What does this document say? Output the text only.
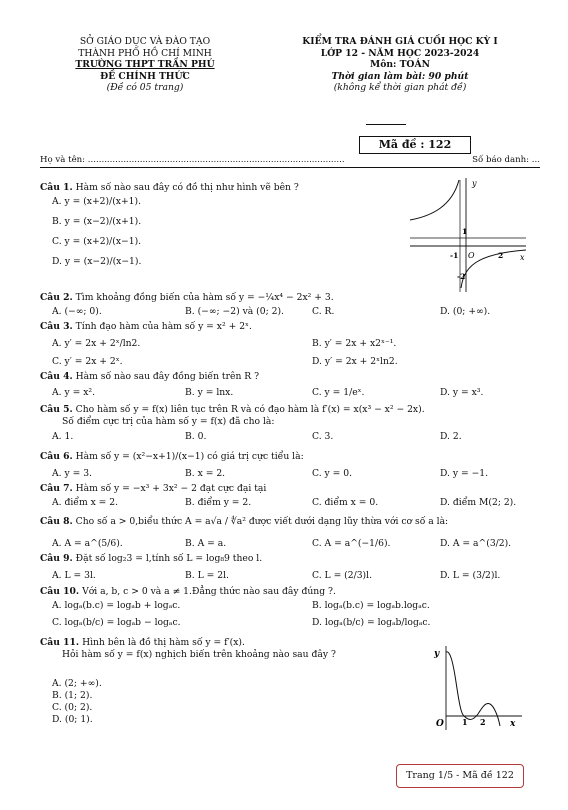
SỞ GIÁO DỤC VÀ ĐÀO TẠO
THÀNH PHỐ HỒ CHÍ MINH
TRƯỜNG THPT TRẦN PHÚ
ĐỀ CHÍNH THỨC
(Đề có 05 trang)
KIỂM TRA ĐÁNH GIÁ CUỐI HỌC KỲ I
LỚP 12 - NĂM HỌC 2023-2024
Môn: TOÁN
Thời gian làm bài: 90 phút
(không kể thời gian phát đề)
Mã đề : 122
Họ và tên: ..............................................................................................	Số báo danh: ...
Câu 1. Hàm số nào sau đây có đồ thị như hình vẽ bên ?
A. y = (x+2)/(x+1).
B. y = (x−2)/(x+1).
C. y = (x+2)/(x−1).
D. y = (x−2)/(x−1).
y
x
O
1
-1	2
-2
Câu 2. Tìm khoảng đồng biến của hàm số y = −¼x⁴ − 2x² + 3.
A. (−∞; 0).	B. (−∞; −2) và (0; 2).	C. R.	D. (0; +∞).
Câu 3. Tính đạo hàm của hàm số y = x² + 2ˣ.
A. y′ = 2x + 2ˣ/ln2.	B. y′ = 2x + x2ˣ⁻¹.
C. y′ = 2x + 2ˣ.	D. y′ = 2x + 2ˣln2.
Câu 4. Hàm số nào sau đây đồng biến trên R ?
A. y = x².	B. y = lnx.	C. y = 1/eˣ.	D. y = x³.
Câu 5. Cho hàm số y = f(x) liên tục trên R và có đạo hàm là f′(x) = x(x³ − x² − 2x).
Số điểm cực trị của hàm số y = f(x) đã cho là:
A. 1.	B. 0.	C. 3.	D. 2.
Câu 6. Hàm số y = (x²−x+1)/(x−1) có giá trị cực tiểu là:
A. y = 3.	B. x = 2.	C. y = 0.	D. y = −1.
Câu 7. Hàm số y = −x³ + 3x² − 2 đạt cực đại tại
A. điểm x = 2.	B. điểm y = 2.	C. điểm x = 0.	D. điểm M(2; 2).
Câu 8. Cho số a > 0,biểu thức A = a√a / ∜a² được viết dưới dạng lũy thừa với cơ số a là:
A. A = a^(5/6).	B. A = a.	C. A = a^(−1/6).	D. A = a^(3/2).
Câu 9. Đặt số log₂3 = l,tính số L = log₈9 theo l.
A. L = 3l.	B. L = 2l.	C. L = (2/3)l.	D. L = (3/2)l.
Câu 10. Với a, b, c > 0 và a ≠ 1.Đẳng thức nào sau đây đúng ?.
A. logₐ(b.c) = logₐb + logₐc.	B. logₐ(b.c) = logₐb.logₐc.
C. logₐ(b/c) = logₐb − logₐc.	D. logₐ(b/c) = logₐb/logₐc.
Câu 11. Hình bên là đồ thị hàm số y = f′(x).
Hỏi hàm số y = f(x) nghịch biến trên khoảng nào sau đây ?
A. (2; +∞).
B. (1; 2).
C. (0; 2).
D. (0; 1).
y
x
O 1 2
Trang 1/5 - Mã đề 122
